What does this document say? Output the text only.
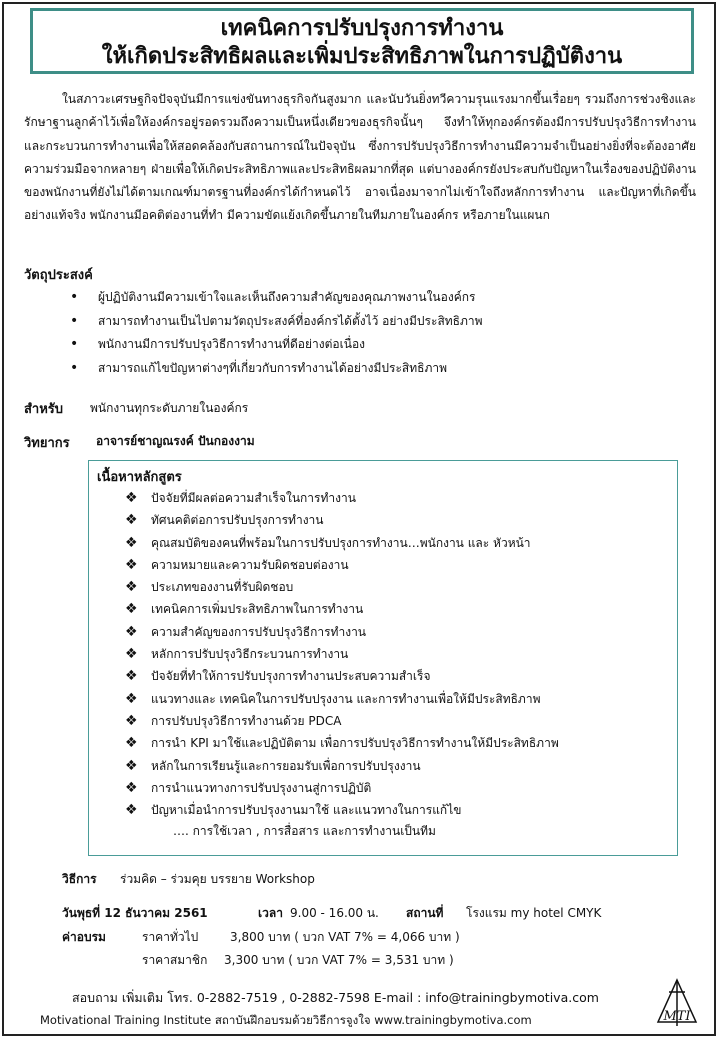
เทคนิคการปรับปรุงการทำงาน

ให้เกิดประสิทธิผลและเพิ่มประสิทธิภาพในการปฏิบัติงาน

ในสภาวะเศรษฐกิจปัจจุบันมีการแข่งขันทางธุรกิจกันสูงมาก และนับวันยิ่งทวีความรุนแรงมากขึ้นเรื่อยๆ รวมถึงการช่วงชิงและรักษาฐานลูกค้าไว้เพื่อให้องค์กรอยู่รอดรวมถึงความเป็นหนึ่งเดียวของธุรกิจนั้นๆ จึงทำให้ทุกองค์กรต้องมีการปรับปรุงวิธีการทำงานและกระบวนการทำงานเพื่อให้สอดคล้องกับสถานการณ์ในปัจจุบัน ซึ่งการปรับปรุงวิธีการทำงานมีความจำเป็นอย่างยิ่งที่จะต้องอาศัยความร่วมมือจากหลายๆ ฝ่ายเพื่อให้เกิดประสิทธิภาพและประสิทธิผลมากที่สุด แต่บางองค์กรยังประสบกับปัญหาในเรื่องของปฏิบัติงานของพนักงานที่ยังไม่ได้ตามเกณฑ์มาตรฐานที่องค์กรได้กำหนดไว้ อาจเนื่องมาจากไม่เข้าใจถึงหลักการทำงาน และปัญหาที่เกิดขึ้นอย่างแท้จริง พนักงานมีอคติต่องานที่ทำ มีความขัดแย้งเกิดขึ้นภายในทีมภายในองค์กร หรือภายในแผนก

วัตถุประสงค์
•	ผู้ปฏิบัติงานมีความเข้าใจและเห็นถึงความสำคัญของคุณภาพงานในองค์กร
•	สามารถทำงานเป็นไปตามวัตถุประสงค์ที่องค์กรได้ตั้งไว้ อย่างมีประสิทธิภาพ
•	พนักงานมีการปรับปรุงวิธีการทำงานที่ดีอย่างต่อเนื่อง
•	สามารถแก้ไขปัญหาต่างๆที่เกี่ยวกับการทำงานได้อย่างมีประสิทธิภาพ
สำหรับ พนักงานทุกระดับภายในองค์กร
วิทยากร อาจารย์ชาญณรงค์ ปันกองงาม
เนื้อหาหลักสูตร
❖	ปัจจัยที่มีผลต่อความสำเร็จในการทำงาน
❖	ทัศนคติต่อการปรับปรุงการทำงาน
❖	คุณสมบัติของคนที่พร้อมในการปรับปรุงการทำงาน…พนักงาน และ หัวหน้า
❖	ความหมายและความรับผิดชอบต่องาน
❖	ประเภทของงานที่รับผิดชอบ
❖	เทคนิคการเพิ่มประสิทธิภาพในการทำงาน
❖	ความสำคัญของการปรับปรุงวิธีการทำงาน
❖	หลักการปรับปรุงวิธีกระบวนการทำงาน
❖	ปัจจัยที่ทำให้การปรับปรุงการทำงานประสบความสำเร็จ
❖	แนวทางและ เทคนิคในการปรับปรุงงาน และการทำงานเพื่อให้มีประสิทธิภาพ
❖	การปรับปรุงวิธีการทำงานด้วย PDCA
❖	การนำ KPI มาใช้และปฏิบัติตาม เพื่อการปรับปรุงวิธีการทำงานให้มีประสิทธิภาพ
❖	หลักในการเรียนรู้และการยอมรับเพื่อการปรับปรุงงาน
❖	การนำแนวทางการปรับปรุงงานสู่การปฏิบัติ
❖	ปัญหาเมื่อนำการปรับปรุงงานมาใช้ และแนวทางในการแก้ไข
…. การใช้เวลา , การสื่อสาร และการทำงานเป็นทีม
วิธีการ ร่วมคิด – ร่วมคุย บรรยาย Workshop
วันพุธที่ 12 ธันวาคม 2561	เวลา 9.00 - 16.00 น. สถานที่ โรงแรม my hotel CMYK
ค่าอบรม	ราคาทั่วไป	3,800 บาท ( บวก VAT 7% = 4,066 บาท )
ราคาสมาชิก 3,300 บาท ( บวก VAT 7% = 3,531 บาท )
สอบถาม เพิ่มเติม โทร. 0-2882-7519 , 0-2882-7598 E-mail : info@trainingbymotiva.com
Motivational Training Institute สถาบันฝึกอบรมด้วยวิธีการจูงใจ www.trainingbymotiva.com	MTI
